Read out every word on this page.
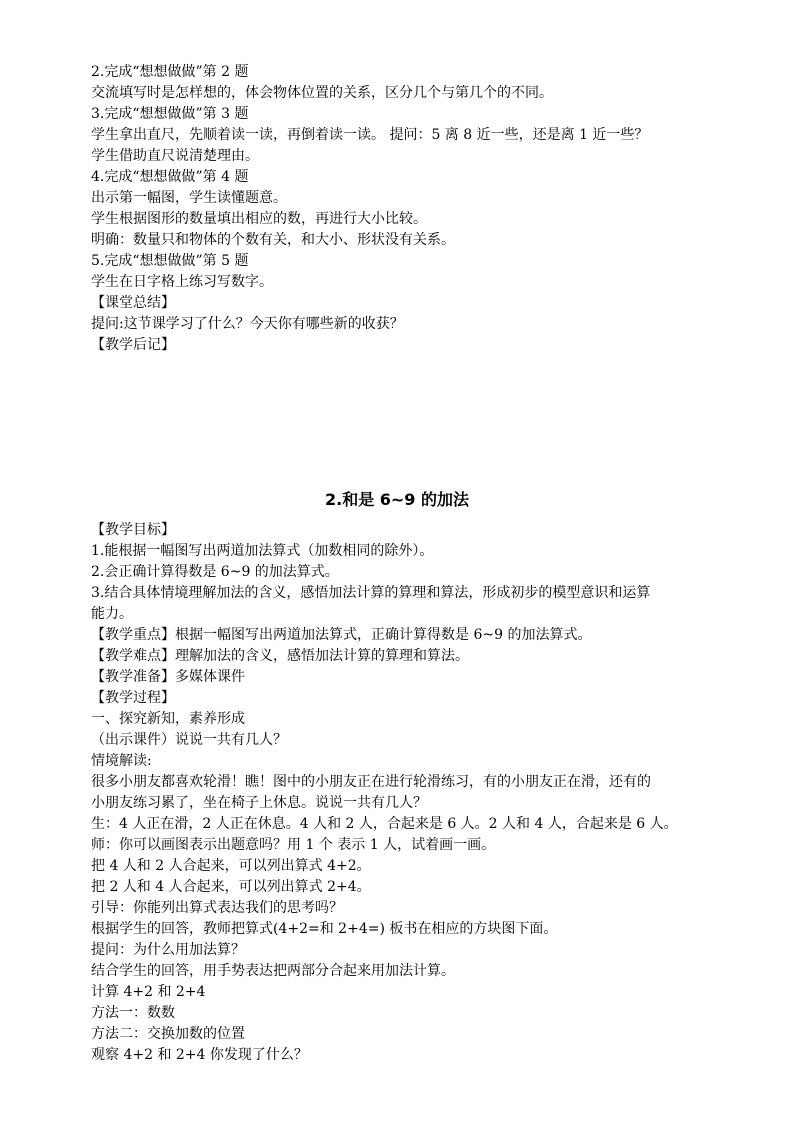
2.完成“想想做做”第 2 题
交流填写时是怎样想的，体会物体位置的关系，区分几个与第几个的不同。
3.完成“想想做做”第 3 题
学生拿出直尺，先顺着读一读，再倒着读一读。 提问：5 离 8 近一些，还是离 1 近一些？
学生借助直尺说清楚理由。
4.完成“想想做做”第 4 题
出示第一幅图，学生读懂题意。
学生根据图形的数量填出相应的数，再进行大小比较。
明确：数量只和物体的个数有关，和大小、形状没有关系。
5.完成“想想做做”第 5 题
学生在日字格上练习写数字。
【课堂总结】
提问:这节课学习了什么？今天你有哪些新的收获？
【教学后记】
2.和是 6~9 的加法
【教学目标】
1.能根据一幅图写出两道加法算式（加数相同的除外）。
2.会正确计算得数是 6~9 的加法算式。
3.结合具体情境理解加法的含义，感悟加法计算的算理和算法，形成初步的模型意识和运算
能力。
【教学重点】根据一幅图写出两道加法算式，正确计算得数是 6~9 的加法算式。
【教学难点】理解加法的含义，感悟加法计算的算理和算法。
【教学准备】多媒体课件
【教学过程】
一、探究新知，素养形成
（出示课件）说说一共有几人？
情境解读:
很多小朋友都喜欢轮滑！瞧！图中的小朋友正在进行轮滑练习，有的小朋友正在滑，还有的
小朋友练习累了，坐在椅子上休息。说说一共有几人？
生：4 人正在滑，2 人正在休息。4 人和 2 人，合起来是 6 人。2 人和 4 人，合起来是 6 人。
师：你可以画图表示出题意吗？用 1 个 表示 1 人，试着画一画。
把 4 人和 2 人合起来，可以列出算式 4+2。
把 2 人和 4 人合起来，可以列出算式 2+4。
引导：你能列出算式表达我们的思考吗？
根据学生的回答，教师把算式(4+2=和 2+4=) 板书在相应的方块图下面。
提问：为什么用加法算？
结合学生的回答，用手势表达把两部分合起来用加法计算。
计算 4+2 和 2+4
方法一：数数
方法二：交换加数的位置
观察 4+2 和 2+4 你发现了什么？
